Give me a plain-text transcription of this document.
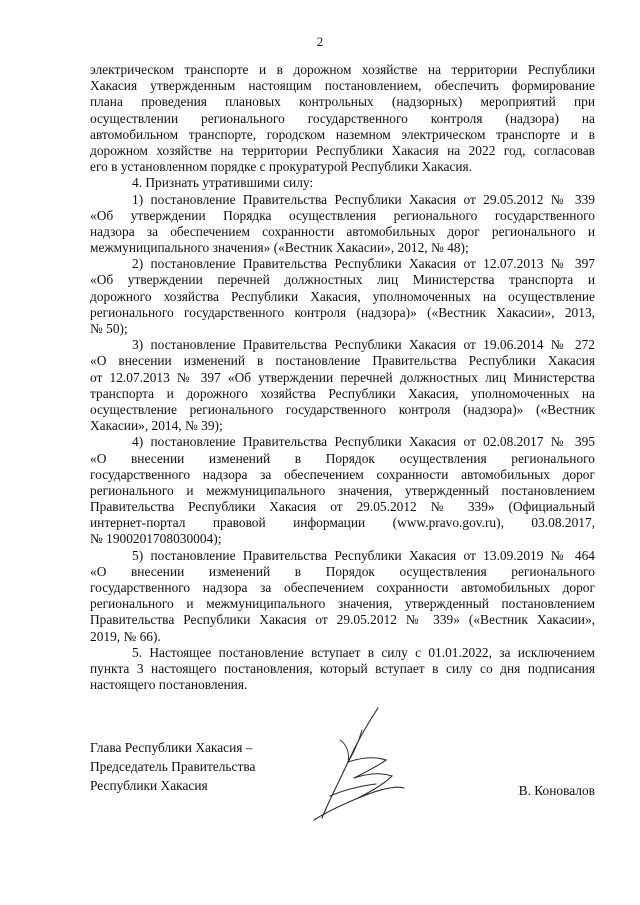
2
электрическом транспорте и в дорожном хозяйстве на территории Республики
Хакасия утвержденным настоящим постановлением, обеспечить формирование
плана проведения плановых контрольных (надзорных) мероприятий при
осуществлении регионального государственного контроля (надзора) на
автомобильном транспорте, городском наземном электрическом транспорте и в
дорожном хозяйстве на территории Республики Хакасия на 2022 год, согласовав
его в установленном порядке с прокуратурой Республики Хакасия.
4. Признать утратившими силу:
1) постановление Правительства Республики Хакасия от 29.05.2012 № 339
«Об утверждении Порядка осуществления регионального государственного
надзора за обеспечением сохранности автомобильных дорог регионального и
межмуниципального значения» («Вестник Хакасии», 2012, № 48);
2) постановление Правительства Республики Хакасия от 12.07.2013 № 397
«Об утверждении перечней должностных лиц Министерства транспорта и
дорожного хозяйства Республики Хакасия, уполномоченных на осуществление
регионального государственного контроля (надзора)» («Вестник Хакасии», 2013,
№ 50);
3) постановление Правительства Республики Хакасия от 19.06.2014 № 272
«О внесении изменений в постановление Правительства Республики Хакасия
от 12.07.2013 № 397 «Об утверждении перечней должностных лиц Министерства
транспорта и дорожного хозяйства Республики Хакасия, уполномоченных на
осуществление регионального государственного контроля (надзора)» («Вестник
Хакасии», 2014, № 39);
4) постановление Правительства Республики Хакасия от 02.08.2017 № 395
«О внесении изменений в Порядок осуществления регионального
государственного надзора за обеспечением сохранности автомобильных дорог
регионального и межмуниципального значения, утвержденный постановлением
Правительства Республики Хакасия от 29.05.2012 № 339» (Официальный
интернет-портал правовой информации (www.pravo.gov.ru), 03.08.2017,
№ 1900201708030004);
5) постановление Правительства Республики Хакасия от 13.09.2019 № 464
«О внесении изменений в Порядок осуществления регионального
государственного надзора за обеспечением сохранности автомобильных дорог
регионального и межмуниципального значения, утвержденный постановлением
Правительства Республики Хакасия от 29.05.2012 № 339» («Вестник Хакасии»,
2019, № 66).
5. Настоящее постановление вступает в силу с 01.01.2022, за исключением
пункта 3 настоящего постановления, который вступает в силу со дня подписания
настоящего постановления.
Глава Республики Хакасия –
Председатель Правительства
Республики Хакасия	В. Коновалов
